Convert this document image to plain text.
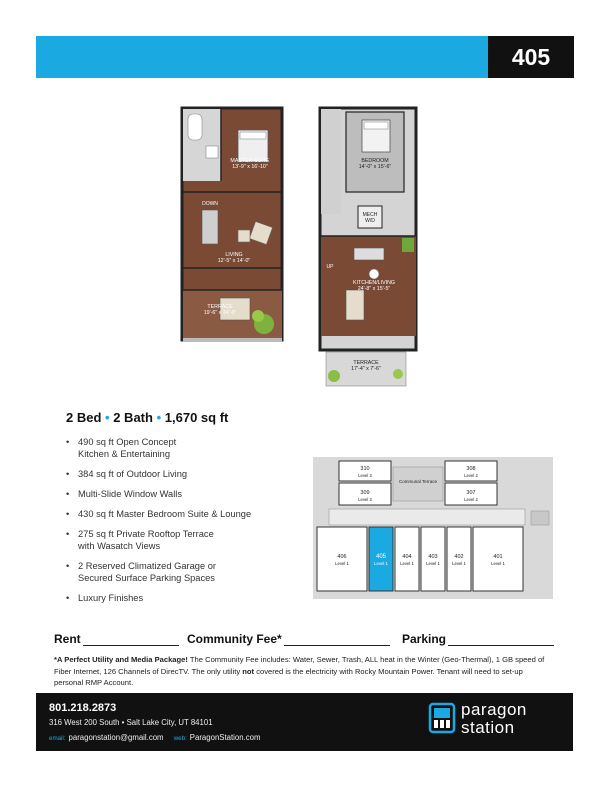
405
MASTER SUITE 13'-9" x 16'-10"
DOWN
LIVING 12'-5" x 14'-0"
TERRACE 19'-6" x 14'-0"
BEDROOM 14'-0" x 15'-6"
MECH W/D
UP
KITCHEN/LIVING 24'-8" x 15'-5"
TERRACE 17'-4" x 7'-6"
2 Bed • 2 Bath • 1,670 sq ft
• 490 sq ft Open Concept
Kitchen & Entertaining
• 384 sq ft of Outdoor Living
• Multi-Slide Window Walls
• 430 sq ft Master Bedroom Suite & Lounge
• 275 sq ft Private Rooftop Terrace
with Wasatch Views
• 2 Reserved Climatized Garage or
Secured Surface Parking Spaces
• Luxury Finishes
310
Level 2
309
Level 2
308
Level 2
307
Level 2
Communal Terrace
406
Level 1
405
Level 1
404
Level 1
403
Level 1
402
Level 1
401
Level 1
Rent	Community Fee*	Parking
*A Perfect Utility and Media Package! The Community Fee includes: Water, Sewer, Trash, ALL heat in the Winter (Geo-Thermal), 1 GB speed of Fiber Internet, 126 Channels of DirecTV. The only utility not covered is the electricity with Rocky Mountain Power. Tenant will need to set-up personal RMP Account.
801.218.2873
316 West 200 South • Salt Lake City, UT 84101
email: paragonstation@gmail.com web: ParagonStation.com
paragon
station
